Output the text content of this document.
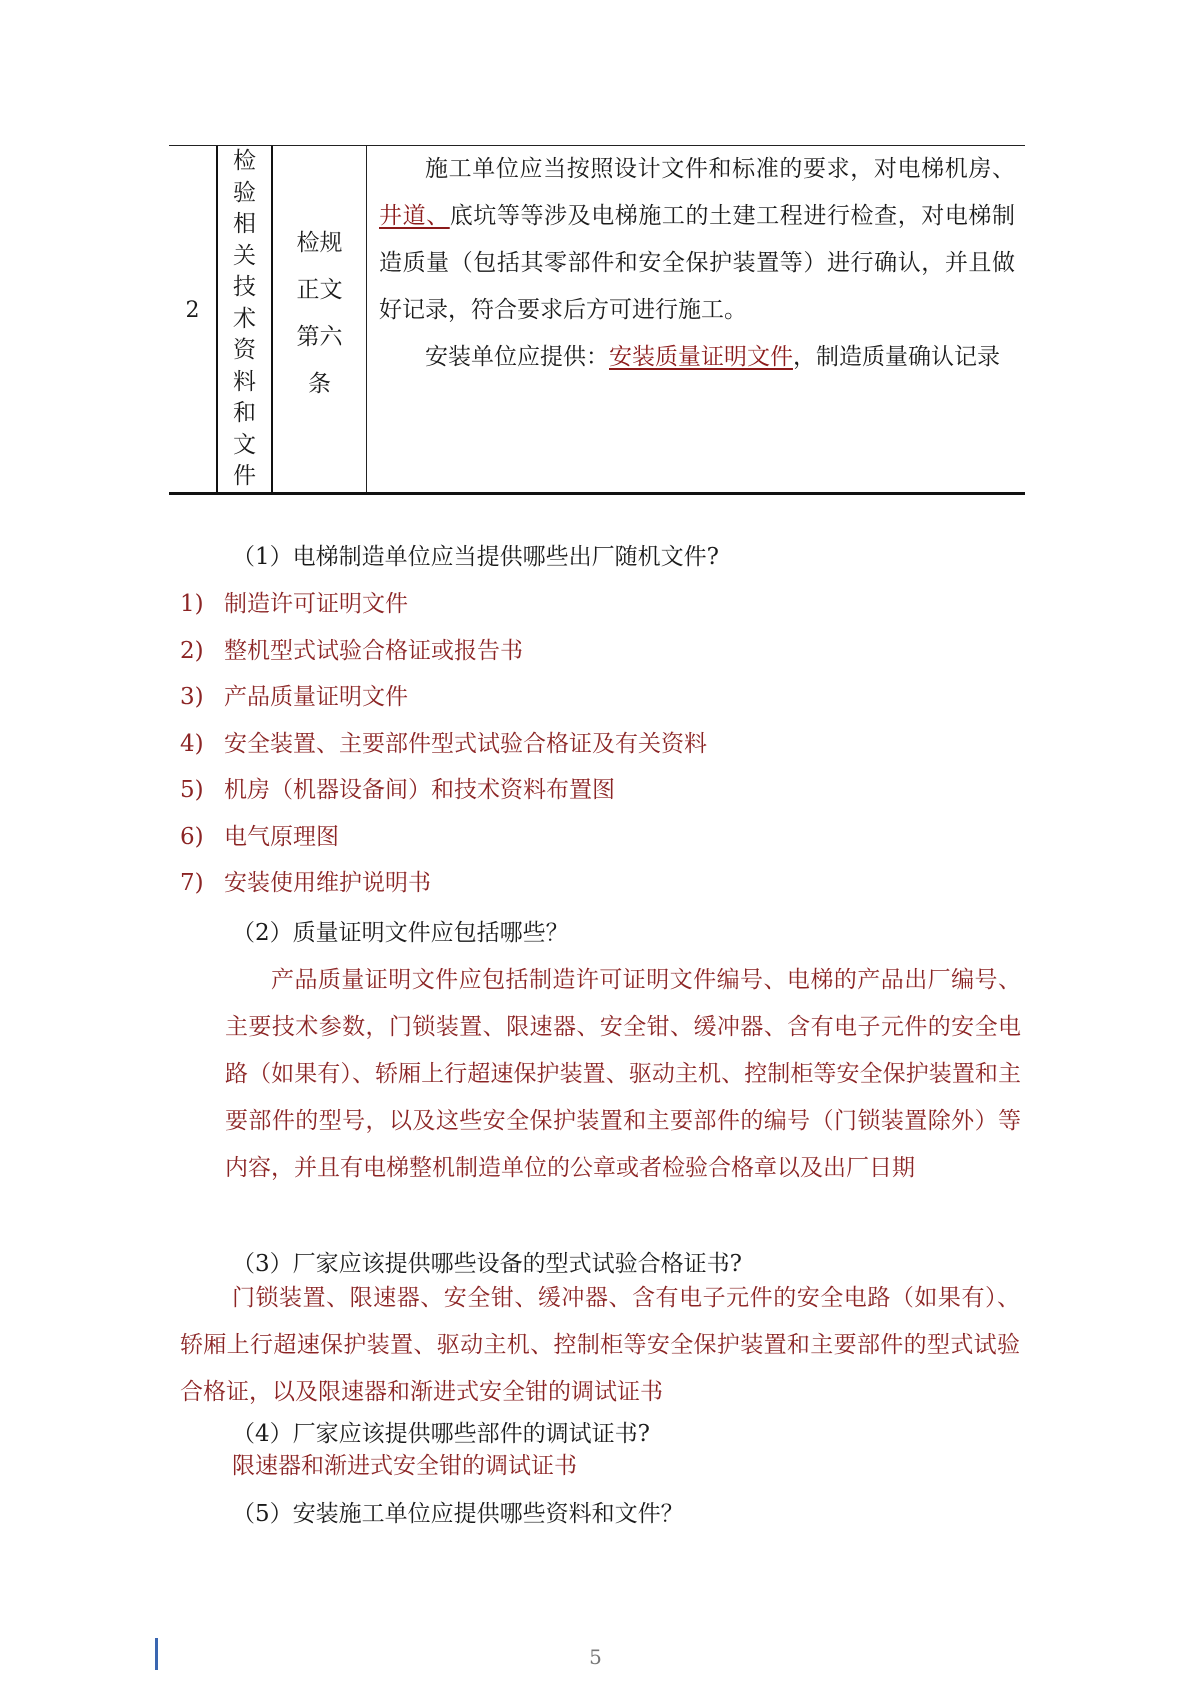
2
检
验
相
关
技
术
资
料
和
文
件
检规
正文
第六
条

施工单位应当按照设计文件和标准的要求，对电梯机房、井道、底坑等等涉及电梯施工的土建工程进行检查，对电梯制造质量（包括其零部件和安全保护装置等）进行确认，并且做好记录，符合要求后方可进行施工。

安装单位应提供：安装质量证明文件，制造质量确认记录

（1）电梯制造单位应当提供哪些出厂随机文件?
1) 制造许可证明文件
2) 整机型式试验合格证或报告书
3) 产品质量证明文件
4) 安全装置、主要部件型式试验合格证及有关资料
5) 机房（机器设备间）和技术资料布置图
6) 电气原理图
7) 安装使用维护说明书
（2）质量证明文件应包括哪些？
产品质量证明文件应包括制造许可证明文件编号、电梯的产品出厂编号、主要技术参数，门锁装置、限速器、安全钳、缓冲器、含有电子元件的安全电路（如果有）、轿厢上行超速保护装置、驱动主机、控制柜等安全保护装置和主要部件的型号，以及这些安全保护装置和主要部件的编号（门锁装置除外）等内容，并且有电梯整机制造单位的公章或者检验合格章以及出厂日期
（3）厂家应该提供哪些设备的型式试验合格证书?
门锁装置、限速器、安全钳、缓冲器、含有电子元件的安全电路（如果有）、轿厢上行超速保护装置、驱动主机、控制柜等安全保护装置和主要部件的型式试验合格证，以及限速器和渐进式安全钳的调试证书
（4）厂家应该提供哪些部件的调试证书?
限速器和渐进式安全钳的调试证书
（5）安装施工单位应提供哪些资料和文件？
5
